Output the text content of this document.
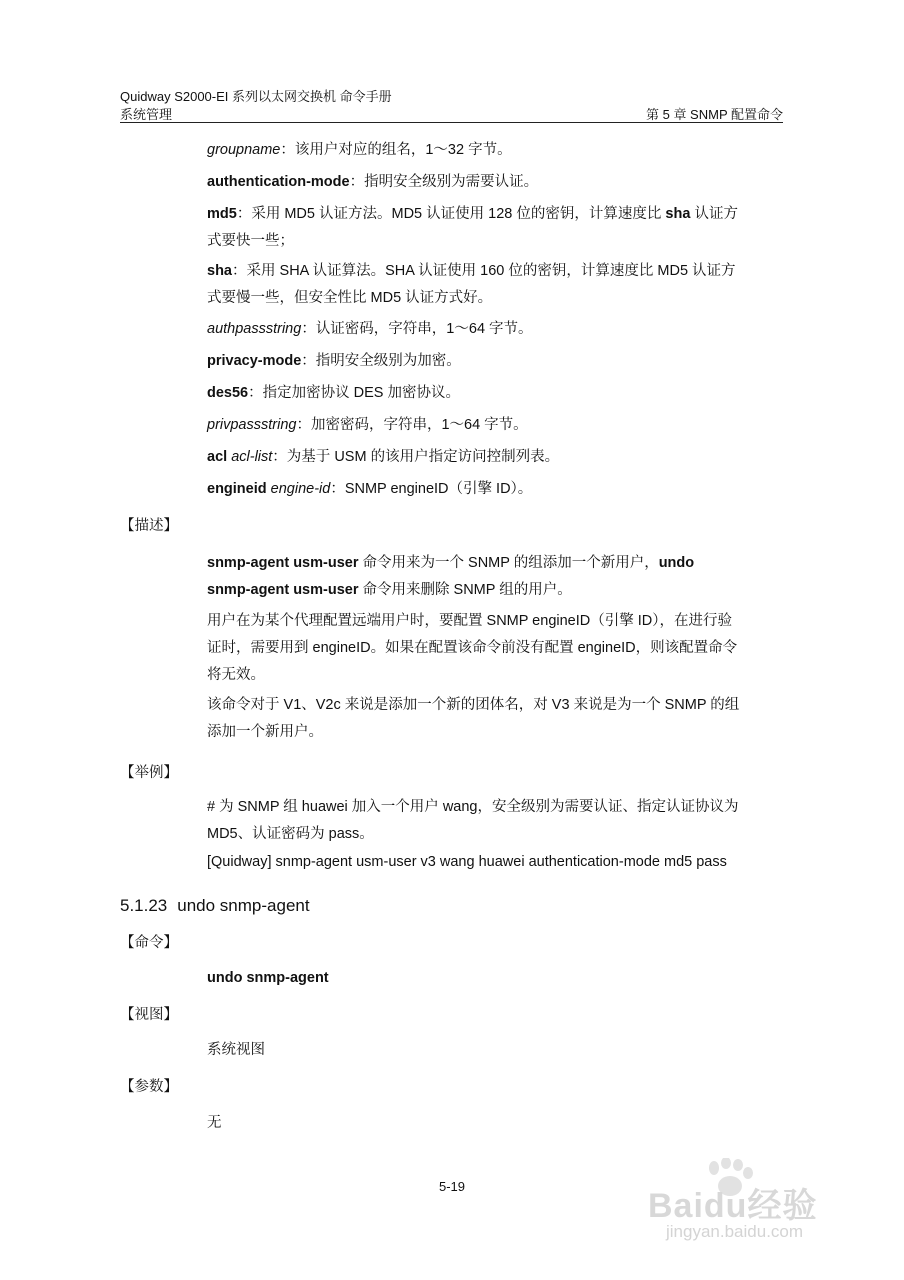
Quidway S2000-EI 系列以太网交换机 命令手册
系统管理	第 5 章 SNMP 配置命令
groupname：该用户对应的组名，1～32 字节。
authentication-mode：指明安全级别为需要认证。
md5：采用 MD5 认证方法。MD5 认证使用 128 位的密钥，计算速度比 sha 认证方
式要快一些；
sha：采用 SHA 认证算法。SHA 认证使用 160 位的密钥，计算速度比 MD5 认证方
式要慢一些，但安全性比 MD5 认证方式好。
authpassstring：认证密码，字符串，1～64 字节。
privacy-mode：指明安全级别为加密。
des56：指定加密协议 DES 加密协议。
privpassstring：加密密码，字符串，1～64 字节。
acl acl-list：为基于 USM 的该用户指定访问控制列表。
engineid engine-id：SNMP engineID（引擎 ID）。
【描述】
snmp-agent usm-user 命令用来为一个 SNMP 的组添加一个新用户，undo
snmp-agent usm-user 命令用来删除 SNMP 组的用户。
用户在为某个代理配置远端用户时，要配置 SNMP engineID（引擎 ID），在进行验
证时，需要用到 engineID。如果在配置该命令前没有配置 engineID，则该配置命令
将无效。
该命令对于 V1、V2c 来说是添加一个新的团体名，对 V3 来说是为一个 SNMP 的组
添加一个新用户。
【举例】
# 为 SNMP 组 huawei 加入一个用户 wang，安全级别为需要认证、指定认证协议为
MD5、认证密码为 pass。
[Quidway] snmp-agent usm-user v3 wang huawei authentication-mode md5 pass
5.1.23 undo snmp-agent
【命令】
undo snmp-agent
【视图】
系统视图
【参数】
无
5-19
Baidu经验
jingyan.baidu.com
